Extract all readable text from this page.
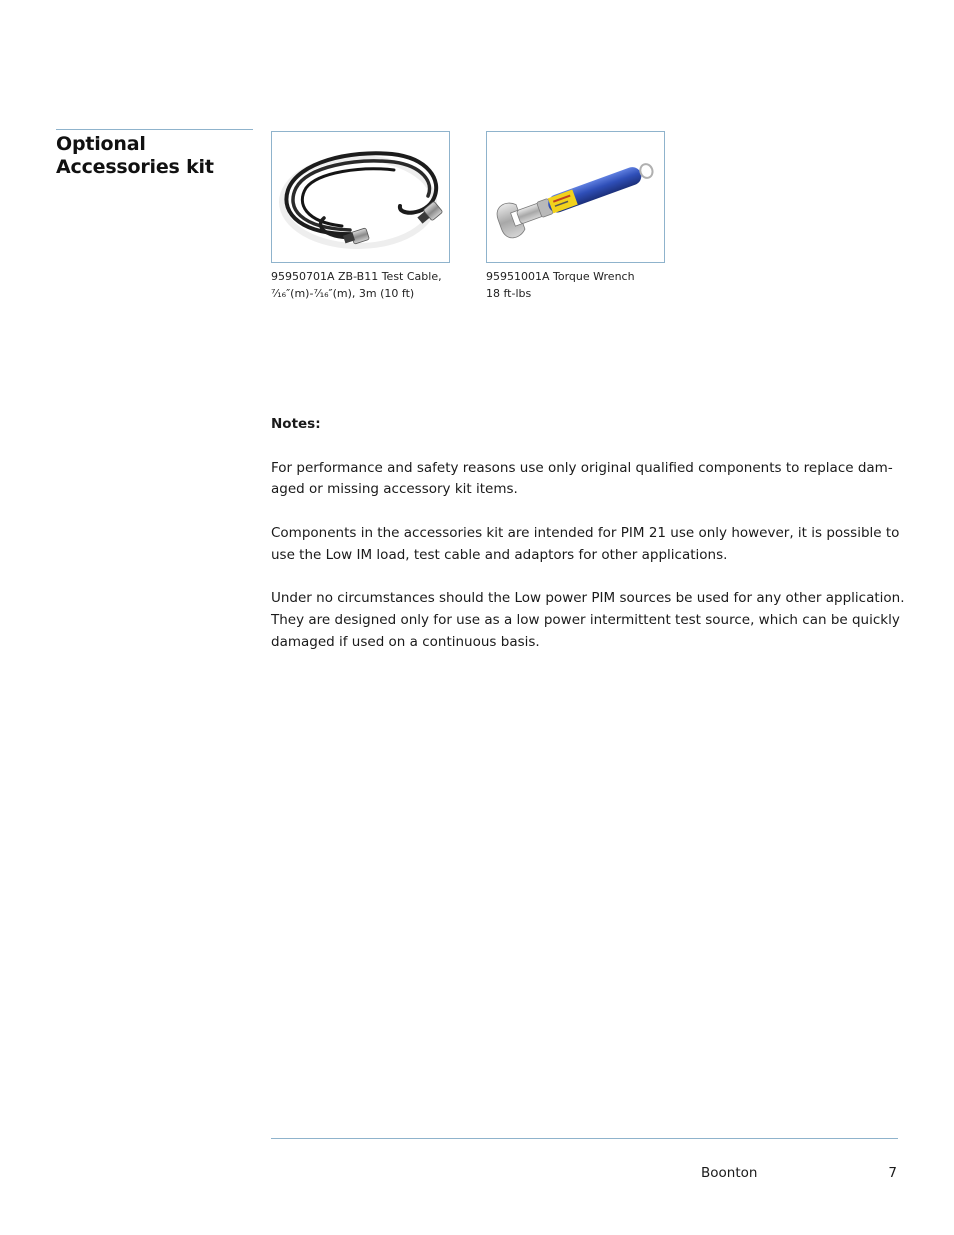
Optional
Accessories kit
95950701A ZB-B11 Test Cable,
⁷⁄₁₆″(m)-⁷⁄₁₆″(m), 3m (10 ft)
95951001A Torque Wrench
18 ft-lbs

Notes:

For performance and safety reasons use only original qualified components to replace dam-
aged or missing accessory kit items.

Components in the accessories kit are intended for PIM 21 use only however, it is possible to
use the Low IM load, test cable and adaptors for other applications.

Under no circumstances should the Low power PIM sources be used for any other application.
They are designed only for use as a low power intermittent test source, which can be quickly
damaged if used on a continuous basis.

Boonton	7
